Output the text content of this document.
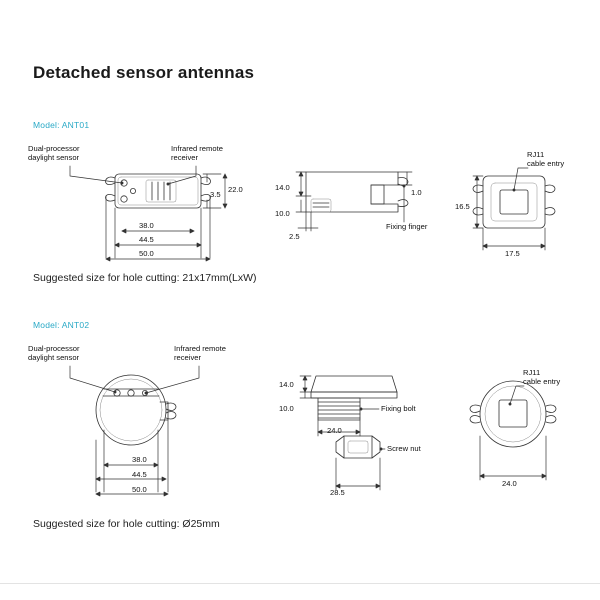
Detached sensor antennas
Model: ANT01
Dual-processor
daylight sensor
Infrared remote
receiver
3.5
22.0
38.0
44.5
50.0
14.0
10.0
2.5
1.0
Fixing finger
RJ11
cable entry
16.5
17.5
Suggested size for hole cutting: 21x17mm(LxW)
Model: ANT02
Dual-processor
daylight sensor
Infrared remote
receiver
38.0
44.5
50.0
14.0
10.0
24.0
Fixing bolt
Screw nut
28.5
RJ11
cable entry
24.0
Suggested size for hole cutting: Ø25mm
